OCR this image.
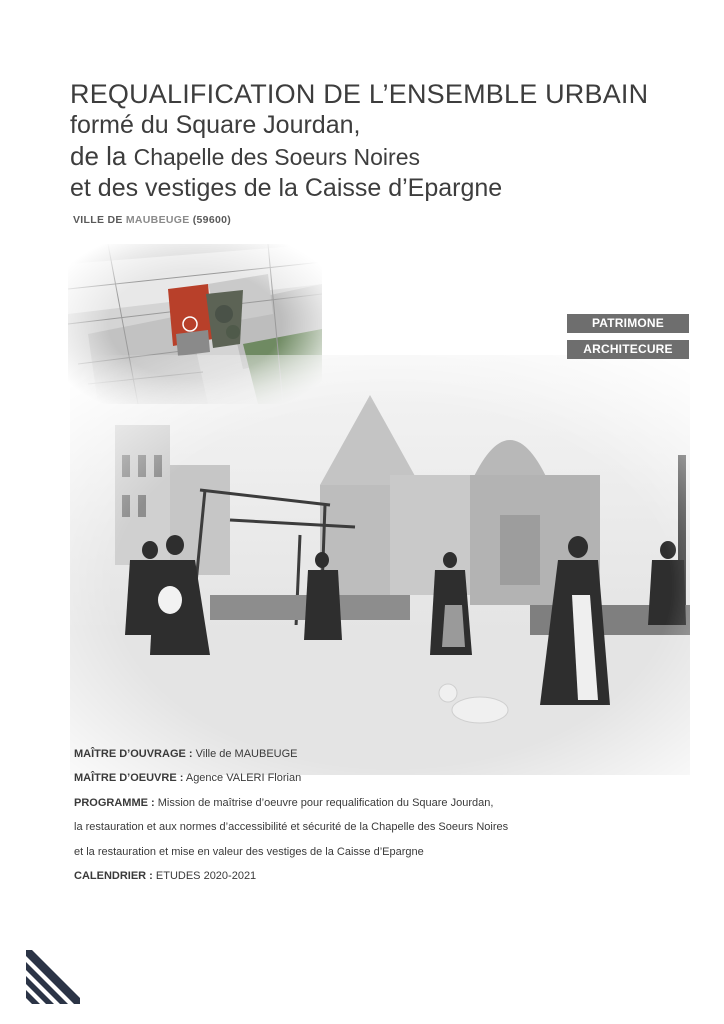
REQUALIFICATION DE L’ENSEMBLE URBAIN
formé du Square Jourdan,
de la Chapelle des Soeurs Noires
et des vestiges de la Caisse d’Epargne
VILLE DE MAUBEUGE (59600)
PATRIMONE
ARCHITECURE
MAÎTRE D’OUVRAGE : Ville de MAUBEUGE
MAÎTRE D’OEUVRE : Agence VALERI Florian
PROGRAMME : Mission de maîtrise d’oeuvre pour requalification du Square Jourdan,
la restauration et aux normes d’accessibilité et sécurité de la Chapelle des Soeurs Noires
et la restauration et mise en valeur des vestiges de la Caisse d’Epargne
CALENDRIER : ETUDES 2020-2021
